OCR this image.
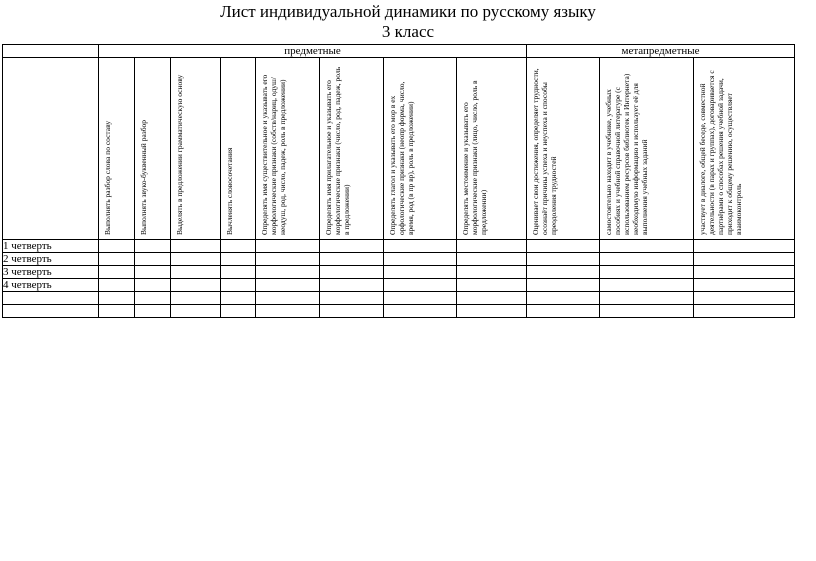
Лист индивидуальной динамики по русскому языку
3 класс
	предметные								метапредметные		

	Выполнять разбор слова по составу	Выполнять звуко-буквенный разбор	Выделять в предложении грамматическую основу	Вычленять словосочетания	Определять имя существительное и указывать его морфологические признаки (собств/нариц, одуш/неодуш, род, число, падеж, роль в предложении)	Определять имя прилагательное и указывать его морфологические признаки (число, род, падеж, роль в предложении)	Определять глагол и указывать его мор в ех орфологические признаки (неопр форма, число, время, род (в пр вр), роль в предложении)	Определять местоимение и указывать его морфологические признаки (лицо, число, роль в предложении)	Оценивает свои достижения, определяет трудности, осознаёт причины успеха и неуспеха и способы преодоления трудностей	самостоятельно находит в учебнике, учебных пособиях и учебной справочной литературе (с использованием ресурсов библиотек и Интернета) необходимую информацию и использует её для выполнения учебных заданий	участвует в диалоге, общей беседе, совместной деятельности (в парах и группах), договаривается с партнёрами о способах решения учебной задачи, приходит к общему решению, осуществляет взаимоконтроль

1 четверть											
2 четверть											
3 четверть											
4 четверть											
